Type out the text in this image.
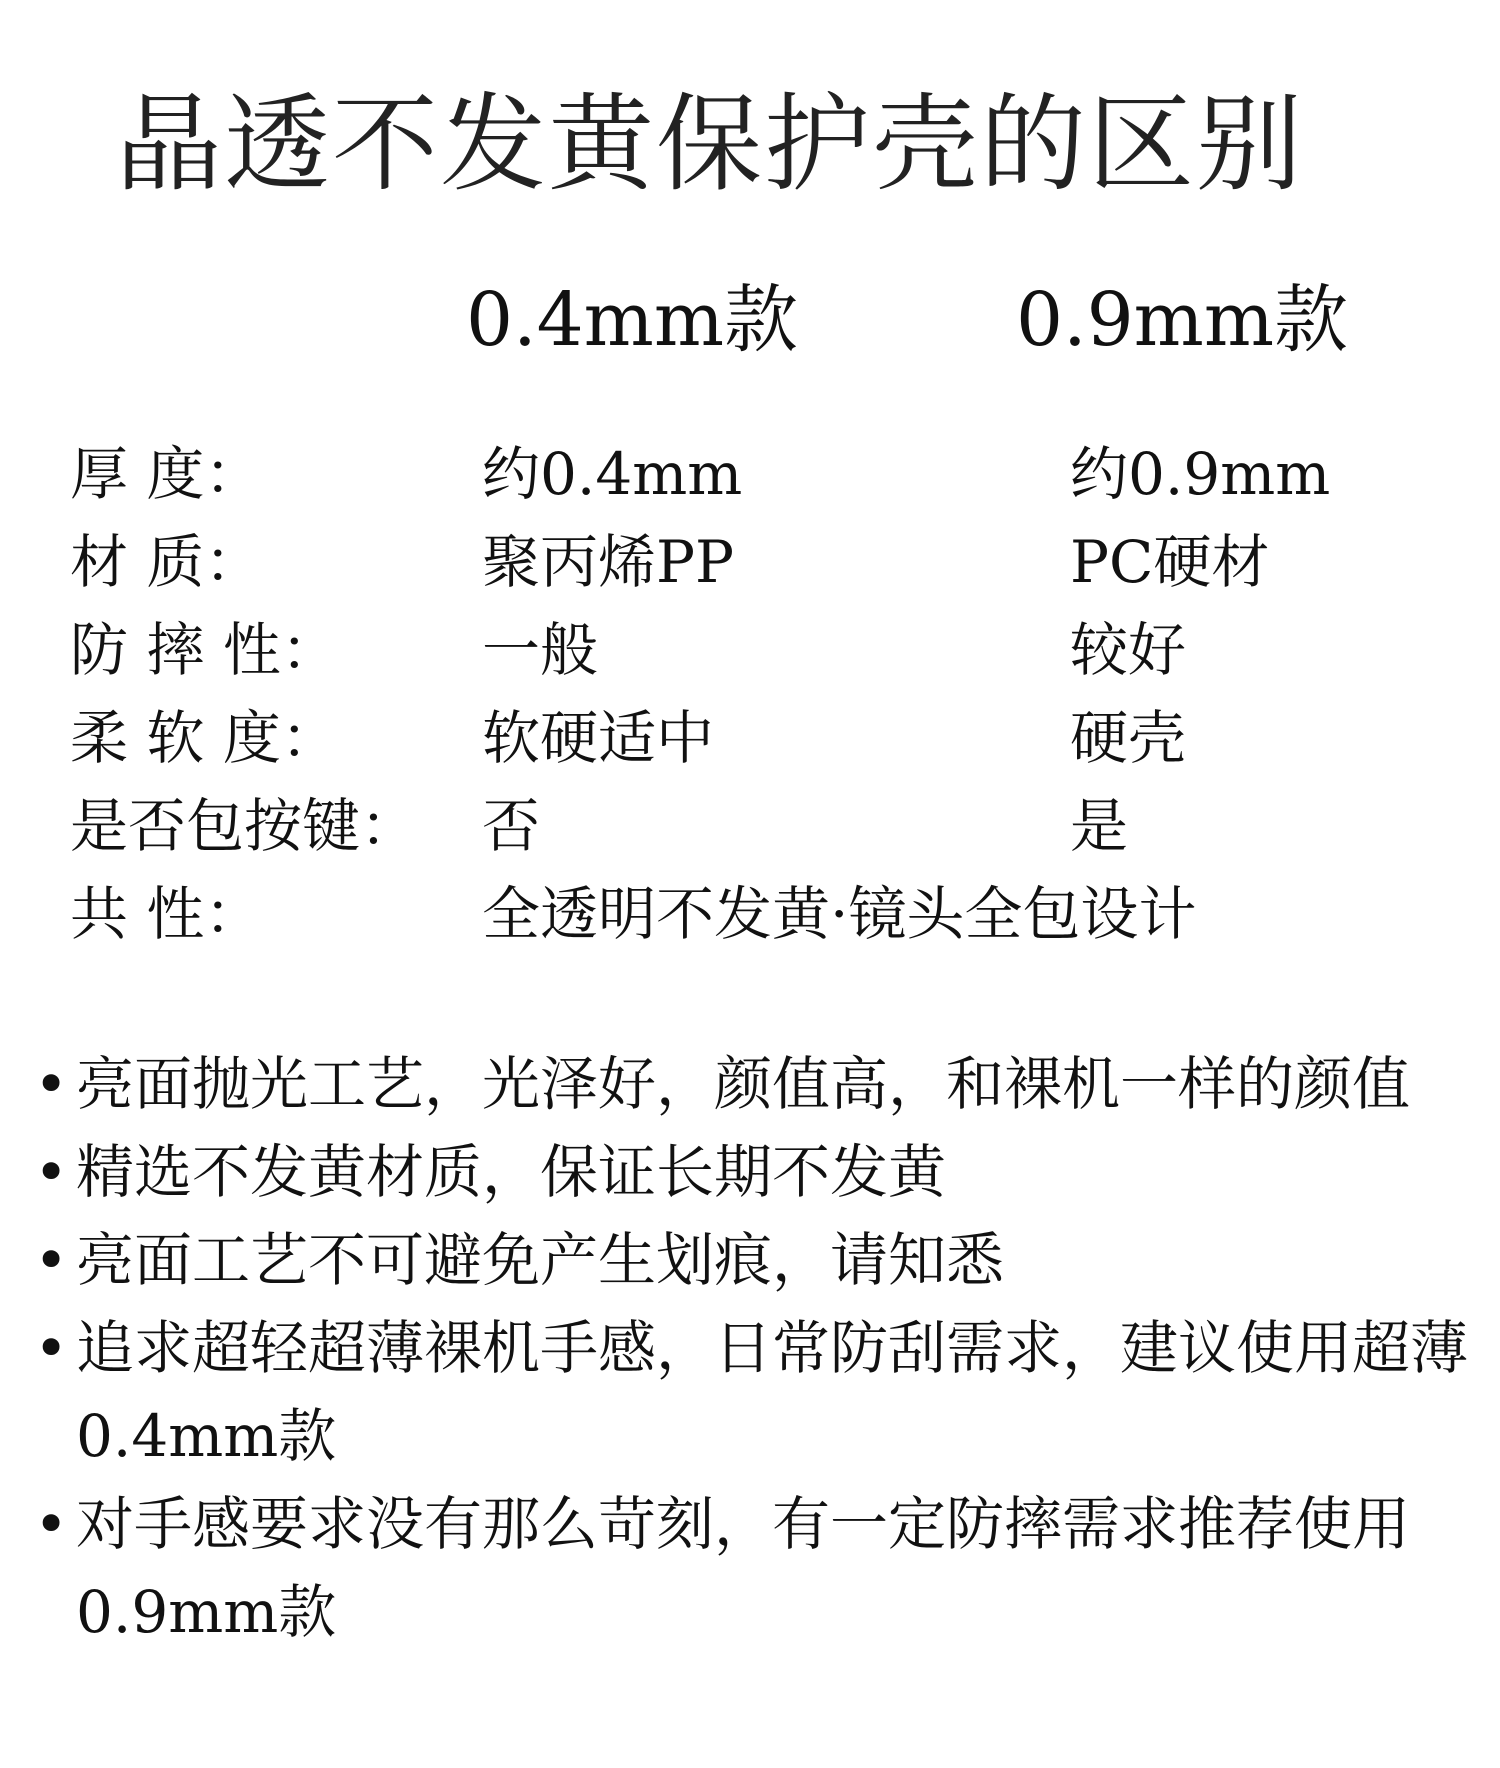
晶透不发黄保护壳的区别
0.4mm款	0.9mm款
厚 度：	约0.4mm	约0.9mm
材 质：	聚丙烯PP	PC硬材
防 摔 性：	一般	较好
柔 软 度：	软硬适中	硬壳
是否包按键： 否	是
共 性：	全透明不发黄·镜头全包设计
• 亮面抛光工艺，光泽好，颜值高，和裸机一样的颜值
• 精选不发黄材质，保证长期不发黄
• 亮面工艺不可避免产生划痕，请知悉
• 追求超轻超薄裸机手感，日常防刮需求，建议使用超薄0.4mm款
• 对手感要求没有那么苛刻，有一定防摔需求推荐使用0.9mm款
